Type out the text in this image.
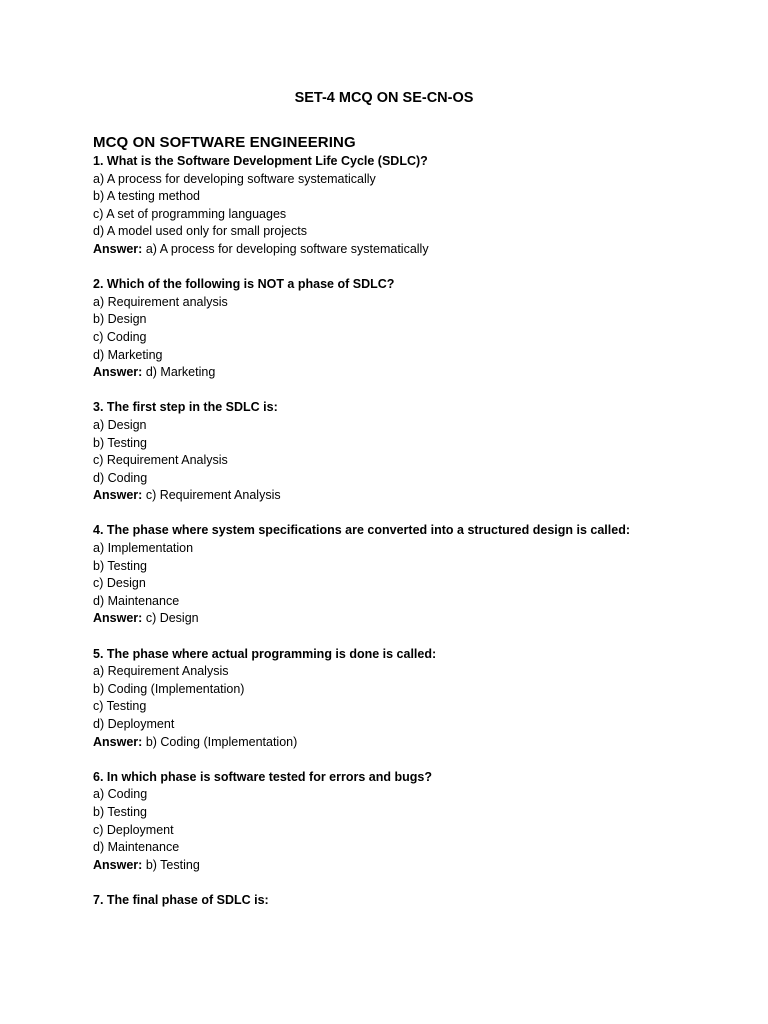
SET-4 MCQ ON SE-CN-OS
MCQ ON SOFTWARE ENGINEERING
1. What is the Software Development Life Cycle (SDLC)?
a) A process for developing software systematically
b) A testing method
c) A set of programming languages
d) A model used only for small projects
Answer: a) A process for developing software systematically
2. Which of the following is NOT a phase of SDLC?
a) Requirement analysis
b) Design
c) Coding
d) Marketing
Answer: d) Marketing
3. The first step in the SDLC is:
a) Design
b) Testing
c) Requirement Analysis
d) Coding
Answer: c) Requirement Analysis
4. The phase where system specifications are converted into a structured design is called:
a) Implementation
b) Testing
c) Design
d) Maintenance
Answer: c) Design
5. The phase where actual programming is done is called:
a) Requirement Analysis
b) Coding (Implementation)
c) Testing
d) Deployment
Answer: b) Coding (Implementation)
6. In which phase is software tested for errors and bugs?
a) Coding
b) Testing
c) Deployment
d) Maintenance
Answer: b) Testing
7. The final phase of SDLC is:
